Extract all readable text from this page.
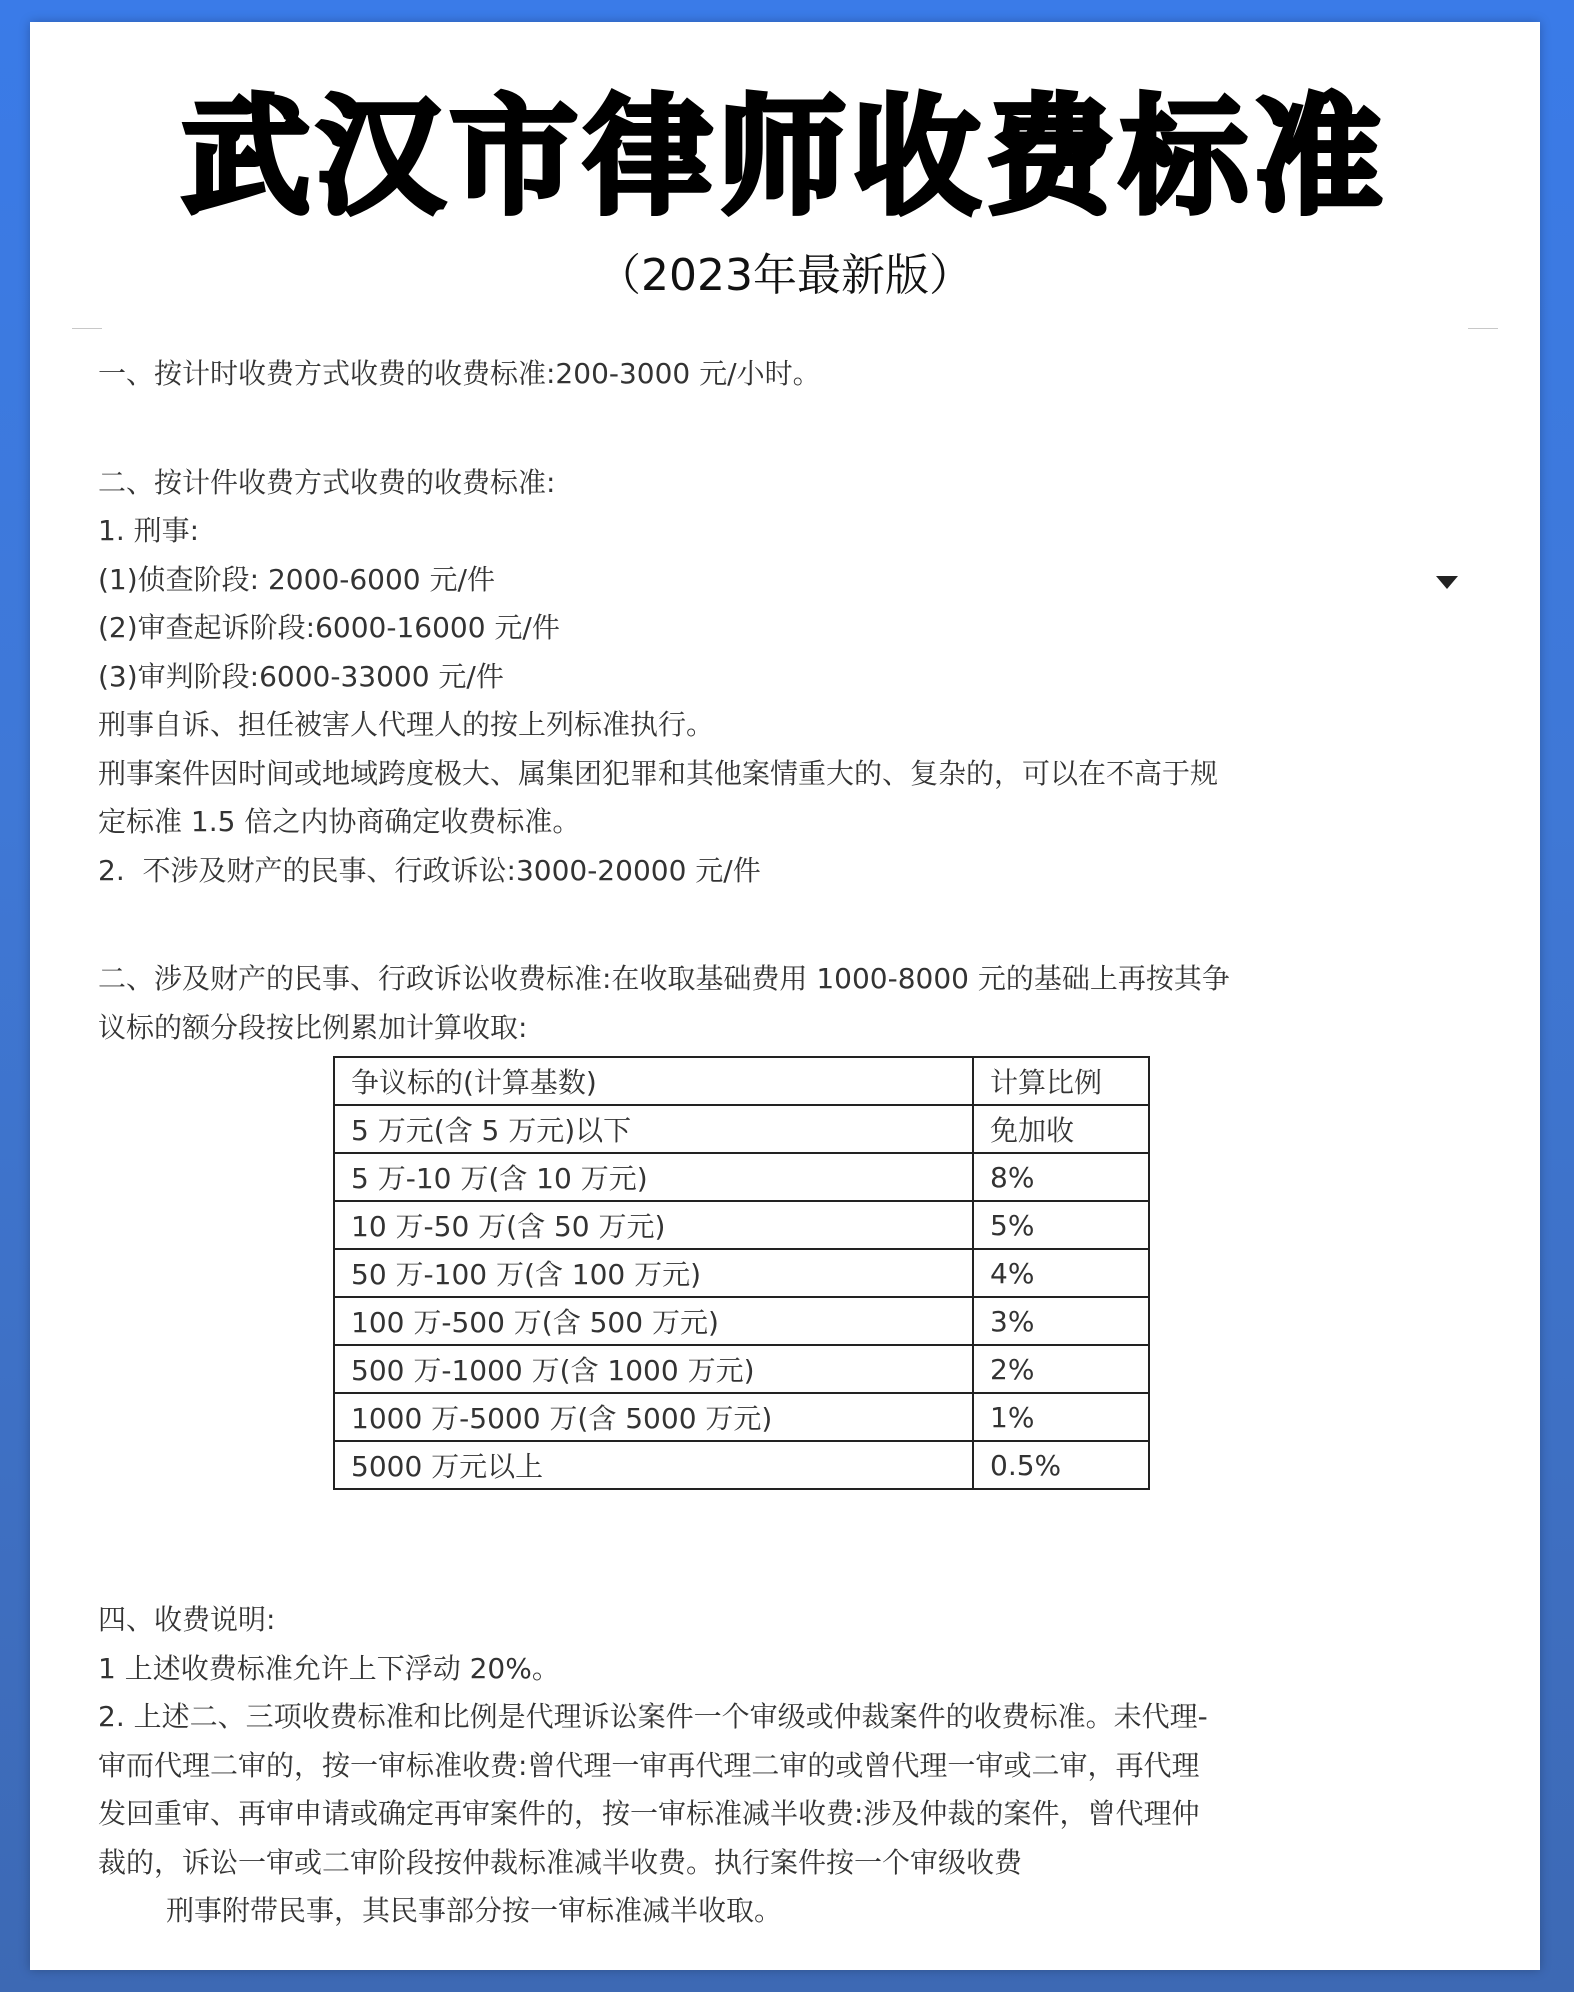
武汉市律师收费标准
（2023年最新版）

一、按计时收费方式收费的收费标准:200-3000 元/小时。

二、按计件收费方式收费的收费标准:

1. 刑事:

(1)侦查阶段: 2000-6000 元/件

(2)审查起诉阶段:6000-16000 元/件

(3)审判阶段:6000-33000 元/件

刑事自诉、担任被害人代理人的按上列标准执行。

刑事案件因时间或地域跨度极大、属集团犯罪和其他案情重大的、复杂的，可以在不高于规

定标准 1.5 倍之内协商确定收费标准。

2.  不涉及财产的民事、行政诉讼:3000-20000 元/件

二、涉及财产的民事、行政诉讼收费标准:在收取基础费用 1000-8000 元的基础上再按其争

议标的额分段按比例累加计算收取:

争议标的(计算基数)	计算比例
5 万元(含 5 万元)以下	免加收
5 万-10 万(含 10 万元)	8%
10 万-50 万(含 50 万元)	5%
50 万-100 万(含 100 万元)	4%
100 万-500 万(含 500 万元)	3%
500 万-1000 万(含 1000 万元)	2%
1000 万-5000 万(含 5000 万元)	1%
5000 万元以上	0.5%

四、收费说明:

1 上述收费标准允许上下浮动 20%。

2. 上述二、三项收费标准和比例是代理诉讼案件一个审级或仲裁案件的收费标准。未代理-

审而代理二审的，按一审标准收费:曾代理一审再代理二审的或曾代理一审或二审，再代理

发回重审、再审申请或确定再审案件的，按一审标准减半收费:涉及仲裁的案件，曾代理仲

裁的，诉讼一审或二审阶段按仲裁标准减半收费。执行案件按一个审级收费

刑事附带民事，其民事部分按一审标准减半收取。
